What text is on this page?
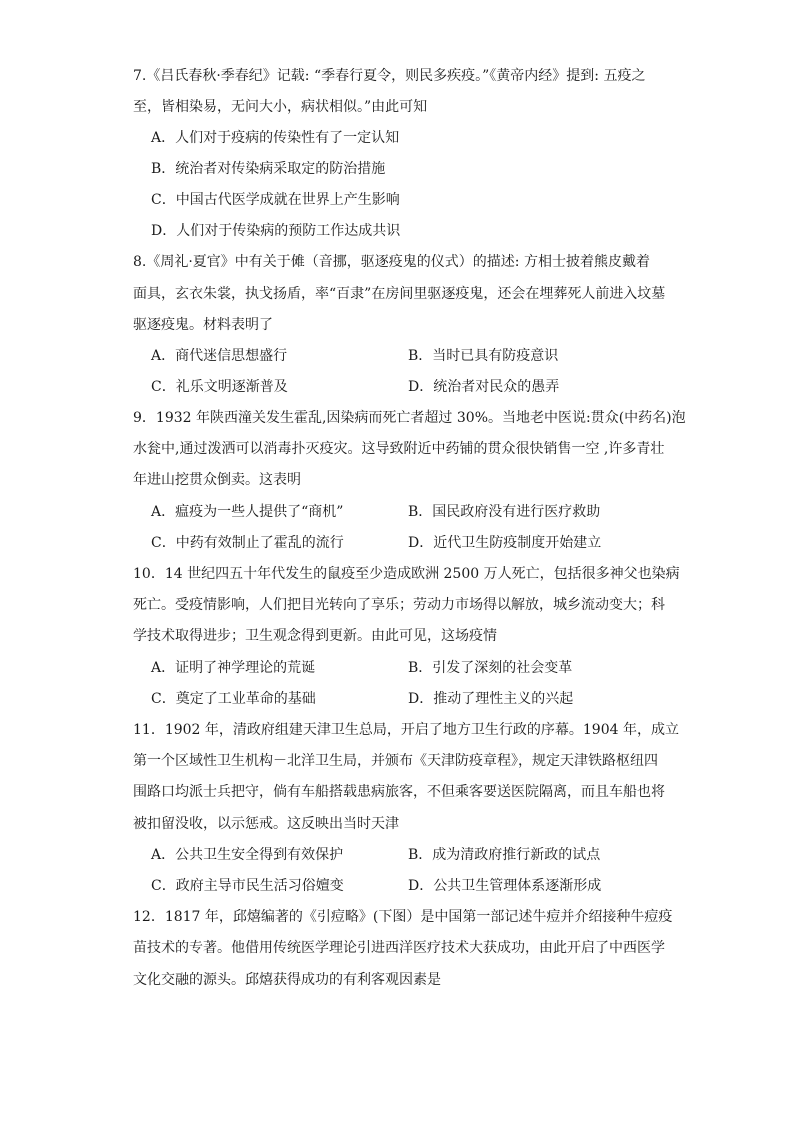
7.《吕氏春秋·季春纪》记载: “季春行夏令，则民多疾疫。”《黄帝内经》提到: 五疫之
至，皆相染易，无问大小，病状相似。”由此可知
A．人们对于疫病的传染性有了一定认知
B．统治者对传染病采取定的防治措施
C．中国古代医学成就在世界上产生影响
D．人们对于传染病的预防工作达成共识
8.《周礼·夏官》中有关于傩（音挪，驱逐疫鬼的仪式）的描述: 方相士披着熊皮戴着
面具，玄衣朱裳，执戈扬盾，率“百隶”在房间里驱逐疫鬼，还会在埋葬死人前进入坟墓
驱逐疫鬼。材料表明了
A．商代迷信思想盛行	B．当时已具有防疫意识
C．礼乐文明逐渐普及	D．统治者对民众的愚弄
9．1932 年陕西潼关发生霍乱,因染病而死亡者超过 30%。当地老中医说:贯众(中药名)泡
水瓮中,通过泼洒可以消毒扑灭疫灾。这导致附近中药铺的贯众很快销售一空 ,许多青壮
年进山挖贯众倒卖。这表明
A．瘟疫为一些人提供了“商机”	B．国民政府没有进行医疗救助
C．中药有效制止了霍乱的流行	D．近代卫生防疫制度开始建立
10．14 世纪四五十年代发生的鼠疫至少造成欧洲 2500 万人死亡，包括很多神父也染病
死亡。受疫情影响，人们把目光转向了享乐；劳动力市场得以解放，城乡流动变大；科
学技术取得进步；卫生观念得到更新。由此可见，这场疫情
A．证明了神学理论的荒诞	B．引发了深刻的社会变革
C．奠定了工业革命的基础	D．推动了理性主义的兴起
11．1902 年，清政府组建天津卫生总局，开启了地方卫生行政的序幕。1904 年，成立
第一个区域性卫生机构－北洋卫生局，并颁布《天津防疫章程》，规定天津铁路枢纽四
围路口均派士兵把守，倘有车船搭载患病旅客，不但乘客要送医院隔离，而且车船也将
被扣留没收，以示惩戒。这反映出当时天津
A．公共卫生安全得到有效保护	B．成为清政府推行新政的试点
C．政府主导市民生活习俗嬗变	D．公共卫生管理体系逐渐形成
12．1817 年，邱熺编著的《引痘略》(下图）是中国第一部记述牛痘并介绍接种牛痘疫
苗技术的专著。他借用传统医学理论引进西洋医疗技术大获成功，由此开启了中西医学
文化交融的源头。邱熺获得成功的有利客观因素是
